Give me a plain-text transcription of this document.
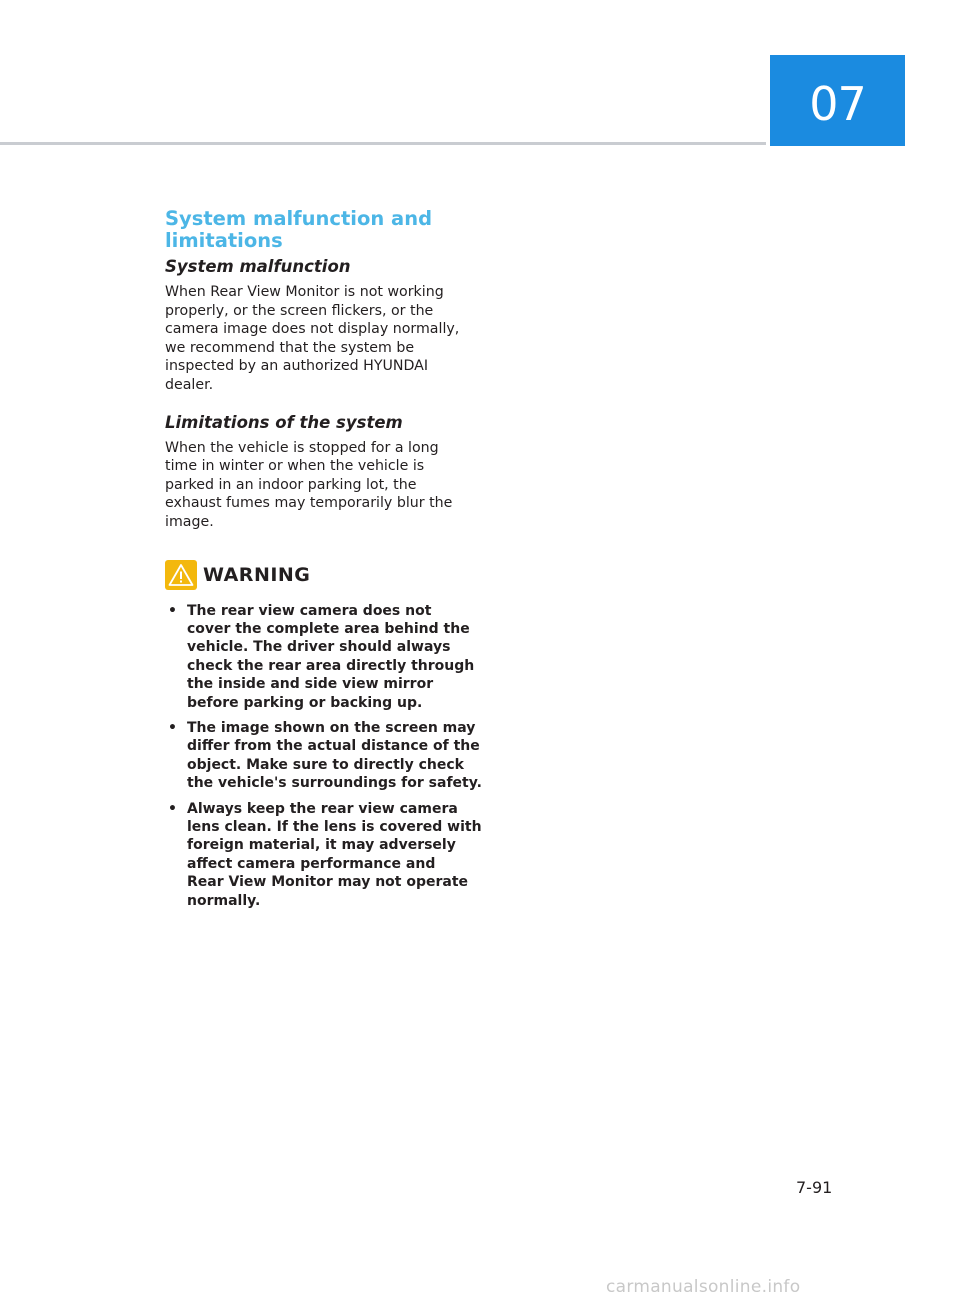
07
System malfunction and
limitations
System malfunction

When Rear View Monitor is not working
properly, or the screen flickers, or the
camera image does not display normally,
we recommend that the system be
inspected by an authorized HYUNDAI
dealer.

Limitations of the system

When the vehicle is stopped for a long
time in winter or when the vehicle is
parked in an indoor parking lot, the
exhaust fumes may temporarily blur the
image.

WARNING
• The rear view camera does not
cover the complete area behind the
vehicle. The driver should always
check the rear area directly through
the inside and side view mirror
before parking or backing up.
• The image shown on the screen may
differ from the actual distance of the
object. Make sure to directly check
the vehicle's surroundings for safety.
• Always keep the rear view camera
lens clean. If the lens is covered with
foreign material, it may adversely
affect camera performance and
Rear View Monitor may not operate
normally.
7-91
carmanualsonline.info
